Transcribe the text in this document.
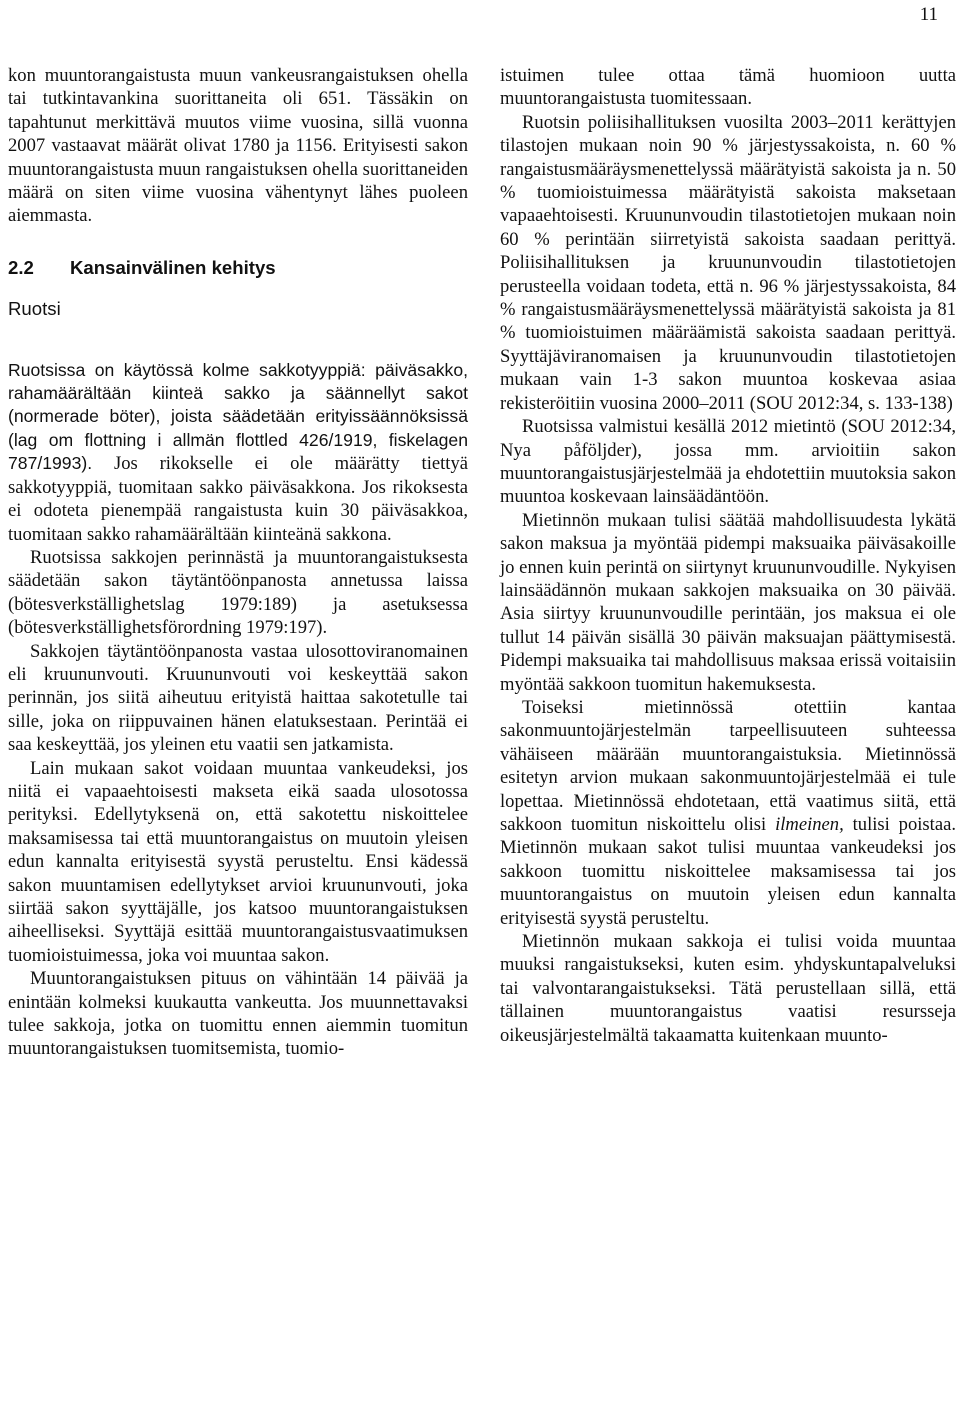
11

kon muuntorangaistusta muun vankeusrangaistuksen ohella tai tutkintavankina suorittaneita oli 651. Tässäkin on tapahtunut merkittävä muutos viime vuosina, sillä vuonna 2007 vastaavat määrät olivat 1780 ja 1156. Erityisesti sakon muuntorangaistusta muun rangaistuksen ohella suorittaneiden määrä on siten viime vuosina vähentynyt lähes puoleen aiemmasta.

2.2 Kansainvälinen kehitys
Ruotsi

Ruotsissa on käytössä kolme sakkotyyppiä: päiväsakko, rahamäärältään kiinteä sakko ja säännellyt sakot (normerade böter), joista säädetään erityissäännöksissä (lag om flottning i allmän flottled 426/1919, fiskelagen 787/1993). Jos rikokselle ei ole määrätty tiettyä sakkotyyppiä, tuomitaan sakko päiväsakkona. Jos rikoksesta ei odoteta pienempää rangaistusta kuin 30 päiväsakkoa, tuomitaan sakko rahamäärältään kiinteänä sakkona.

Ruotsissa sakkojen perinnästä ja muuntorangaistuksesta säädetään sakon täytäntöönpanosta annetussa laissa (bötesverkställighetslag 1979:189) ja asetuksessa (bötesverkställighetsförordning 1979:197).

Sakkojen täytäntöönpanosta vastaa ulosottoviranomainen eli kruununvouti. Kruununvouti voi keskeyttää sakon perinnän, jos siitä aiheutuu erityistä haittaa sakotetulle tai sille, joka on riippuvainen hänen elatuksestaan. Perintää ei saa keskeyttää, jos yleinen etu vaatii sen jatkamista.

Lain mukaan sakot voidaan muuntaa vankeudeksi, jos niitä ei vapaaehtoisesti makseta eikä saada ulosotossa perityksi. Edellytyksenä on, että sakotettu niskoittelee maksamisessa tai että muuntorangaistus on muutoin yleisen edun kannalta erityisestä syystä perusteltu. Ensi kädessä sakon muuntamisen edellytykset arvioi kruununvouti, joka siirtää sakon syyttäjälle, jos katsoo muuntorangaistuksen aiheelliseksi. Syyttäjä esittää muuntorangaistusvaatimuksen tuomioistuimessa, joka voi muuntaa sakon.

Muuntorangaistuksen pituus on vähintään 14 päivää ja enintään kolmeksi kuukautta vankeutta. Jos muunnettavaksi tulee sakkoja, jotka on tuomittu ennen aiemmin tuomitun muuntorangaistuksen tuomitsemista, tuomio-

istuimen tulee ottaa tämä huomioon uutta muuntorangaistusta tuomitessaan.

Ruotsin poliisihallituksen vuosilta 2003–2011 kerättyjen tilastojen mukaan noin 90 % järjestyssakoista, n. 60 % rangaistusmääräysmenettelyssä määrätyistä sakoista ja n. 50 % tuomioistuimessa määrätyistä sakoista maksetaan vapaaehtoisesti. Kruununvoudin tilastotietojen mukaan noin 60 % perintään siirretyistä sakoista saadaan perittyä. Poliisihallituksen ja kruununvoudin tilastotietojen perusteella voidaan todeta, että n. 96 % järjestyssakoista, 84 % rangaistusmääräysmenettelyssä määrätyistä sakoista ja 81 % tuomioistuimen määräämistä sakoista saadaan perittyä. Syyttäjäviranomaisen ja kruununvoudin tilastotietojen mukaan vain 1-3 sakon muuntoa koskevaa asiaa rekisteröitiin vuosina 2000–2011 (SOU 2012:34, s. 133-138)

Ruotsissa valmistui kesällä 2012 mietintö (SOU 2012:34, Nya påföljder), jossa mm. arvioitiin sakon muuntorangaistusjärjestelmää ja ehdotettiin muutoksia sakon muuntoa koskevaan lainsäädäntöön.

Mietinnön mukaan tulisi säätää mahdollisuudesta lykätä sakon maksua ja myöntää pidempi maksuaika päiväsakoille jo ennen kuin perintä on siirtynyt kruununvoudille. Nykyisen lainsäädännön mukaan sakkojen maksuaika on 30 päivää. Asia siirtyy kruununvoudille perintään, jos maksua ei ole tullut 14 päivän sisällä 30 päivän maksuajan päättymisestä. Pidempi maksuaika tai mahdollisuus maksaa erissä voitaisiin myöntää sakkoon tuomitun hakemuksesta.

Toiseksi mietinnössä otettiin kantaa sakonmuuntojärjestelmän tarpeellisuuteen suhteessa vähäiseen määrään muuntorangaistuksia. Mietinnössä esitetyn arvion mukaan sakonmuuntojärjestelmää ei tule lopettaa. Mietinnössä ehdotetaan, että vaatimus siitä, että sakkoon tuomitun niskoittelu olisi ilmeinen, tulisi poistaa. Mietinnön mukaan sakot tulisi muuntaa vankeudeksi jos sakkoon tuomittu niskoittelee maksamisessa tai jos muuntorangaistus on muutoin yleisen edun kannalta erityisestä syystä perusteltu.

Mietinnön mukaan sakkoja ei tulisi voida muuntaa muuksi rangaistukseksi, kuten esim. yhdyskuntapalveluksi tai valvontarangaistukseksi. Tätä perustellaan sillä, että tällainen muuntorangaistus vaatisi resursseja oikeusjärjestelmältä takaamatta kuitenkaan muunto-
